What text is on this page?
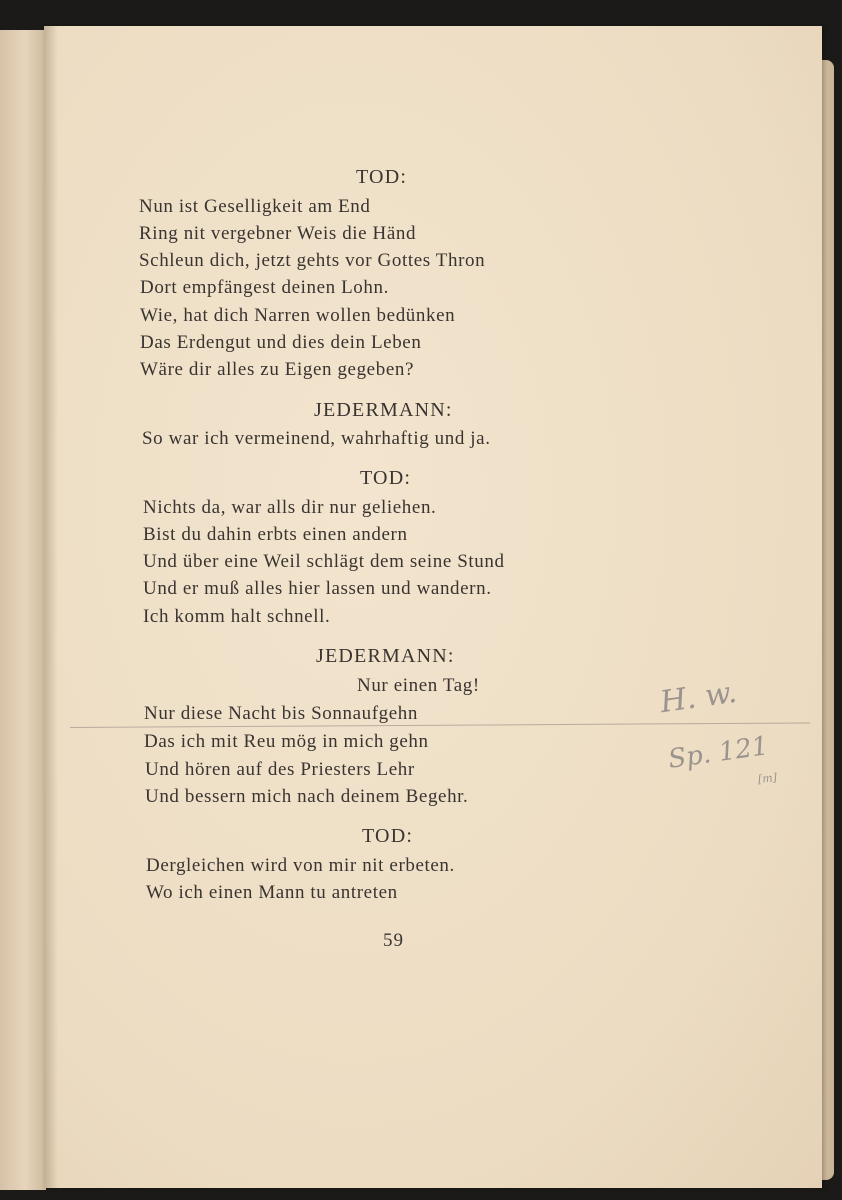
TOD:
Nun ist Geselligkeit am End
Ring nit vergebner Weis die Händ
Schleun dich, jetzt gehts vor Gottes Thron
Dort empfängest deinen Lohn.
Wie, hat dich Narren wollen bedünken
Das Erdengut und dies dein Leben
Wäre dir alles zu Eigen gegeben?
JEDERMANN:
So war ich vermeinend, wahrhaftig und ja.
TOD:
Nichts da, war alls dir nur geliehen.
Bist du dahin erbts einen andern
Und über eine Weil schlägt dem seine Stund
Und er muß alles hier lassen und wandern.
Ich komm halt schnell.
JEDERMANN:
Nur einen Tag!
Nur diese Nacht bis Sonnaufgehn
Das ich mit Reu mög in mich gehn
Und hören auf des Priesters Lehr
Und bessern mich nach deinem Begehr.
TOD:
Dergleichen wird von mir nit erbeten.
Wo ich einen Mann tu antreten
59
H. w.
Sp. 121
[m]
